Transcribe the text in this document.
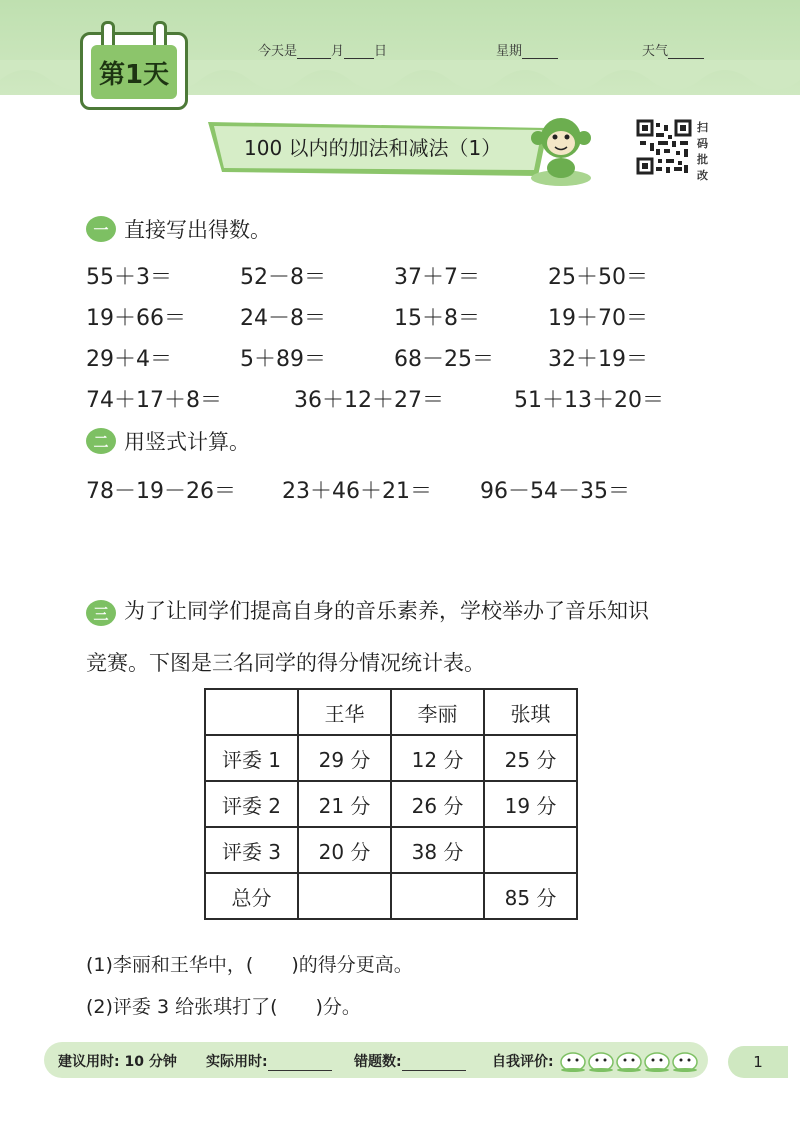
第1天
今天是	月 日	星期	天气
100 以内的加法和减法（1）
扫
码
批
改
一 直接写出得数。
55＋3＝	52－8＝	37＋7＝	25＋50＝
19＋66＝ 24－8＝	15＋8＝	19＋70＝
29＋4＝	5＋89＝	68－25＝ 32＋19＝
74＋17＋8＝	36＋12＋27＝	51＋13＋20＝
二 用竖式计算。
78－19－26＝ 23＋46＋21＝ 96－54－35＝
三 为了让同学们提高自身的音乐素养，学校举办了音乐知识
竞赛。下图是三名同学的得分情况统计表。
	王华	李丽	张琪
评委 1	29 分	12 分	25 分
评委 2	21 分	26 分	19 分
评委 3	20 分	38 分	
总分			85 分
(1)李丽和王华中，(　　)的得分更高。
(2)评委 3 给张琪打了(　　)分。
建议用时: 10 分钟 实际用时:	错题数:	自我评价:	1
